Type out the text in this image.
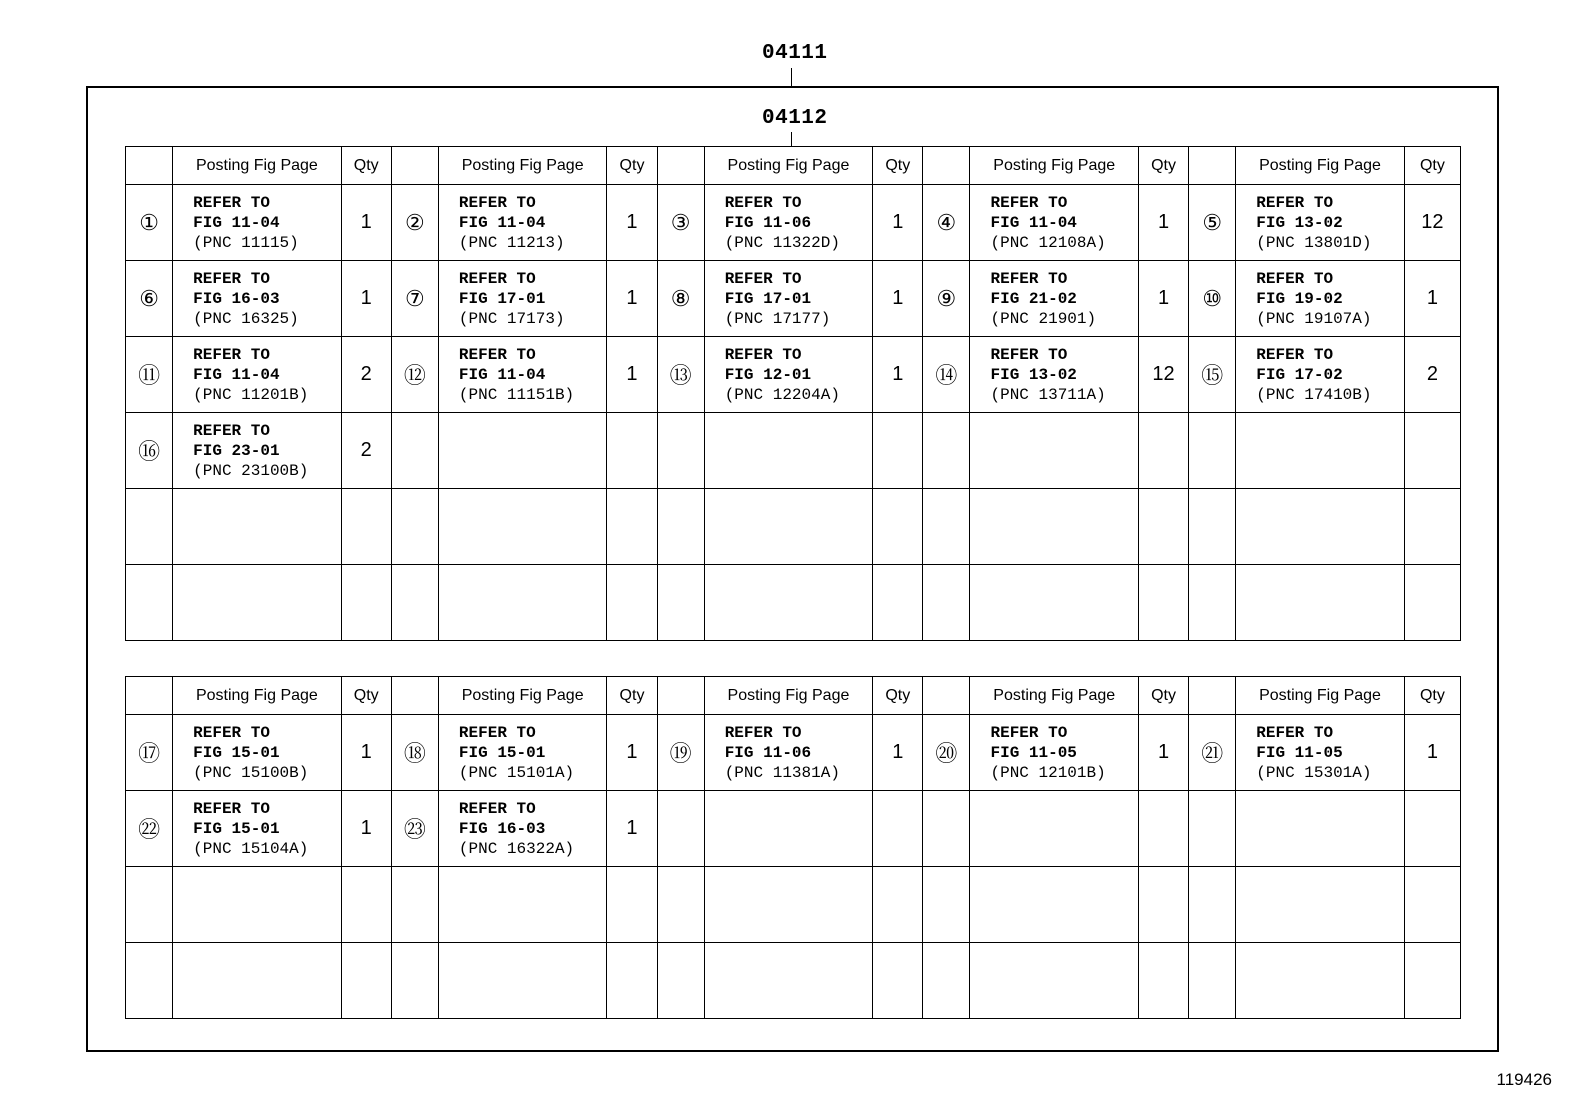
04111
04112
	Posting Fig Page	Qty		Posting Fig Page	Qty		Posting Fig Page	Qty		Posting Fig Page	Qty		Posting Fig Page	Qty
①	REFER TO
FIG 11-04
(PNC 11115)	1	②	REFER TO
FIG 11-04
(PNC 11213)	1	③	REFER TO
FIG 11-06
(PNC 11322D)	1	④	REFER TO
FIG 11-04
(PNC 12108A)	1	⑤	REFER TO
FIG 13-02
(PNC 13801D)	12
⑥	REFER TO
FIG 16-03
(PNC 16325)	1	⑦	REFER TO
FIG 17-01
(PNC 17173)	1	⑧	REFER TO
FIG 17-01
(PNC 17177)	1	⑨	REFER TO
FIG 21-02
(PNC 21901)	1	⑩	REFER TO
FIG 19-02
(PNC 19107A)	1
⑪	REFER TO
FIG 11-04
(PNC 11201B)	2	⑫	REFER TO
FIG 11-04
(PNC 11151B)	1	⑬	REFER TO
FIG 12-01
(PNC 12204A)	1	⑭	REFER TO
FIG 13-02
(PNC 13711A)	12	⑮	REFER TO
FIG 17-02
(PNC 17410B)	2
⑯	REFER TO
FIG 23-01
(PNC 23100B)	2		

	Posting Fig Page	Qty		Posting Fig Page	Qty		Posting Fig Page	Qty		Posting Fig Page	Qty		Posting Fig Page	Qty
⑰	REFER TO
FIG 15-01
(PNC 15100B)	1	⑱	REFER TO
FIG 15-01
(PNC 15101A)	1	⑲	REFER TO
FIG 11-06
(PNC 11381A)	1	⑳	REFER TO
FIG 11-05
(PNC 12101B)	1	㉑	REFER TO
FIG 11-05
(PNC 15301A)	1
㉒	REFER TO
FIG 15-01
(PNC 15104A)	1	㉓	REFER TO
FIG 16-03
(PNC 16322A)	1		

119426
